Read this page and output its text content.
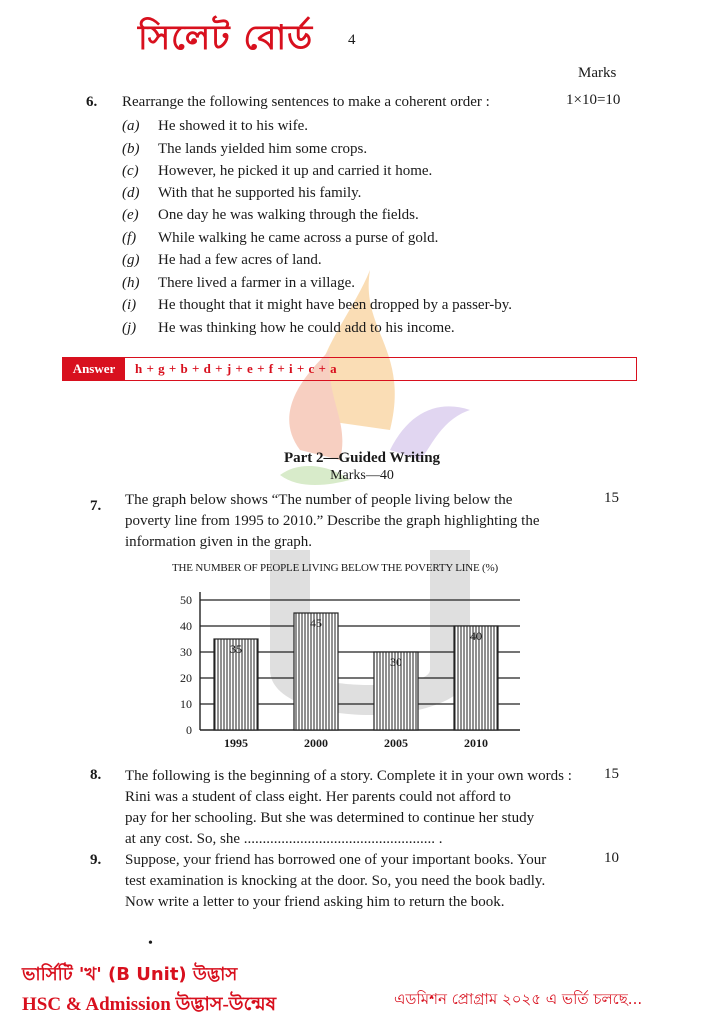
সিলেট বোর্ড 4
Marks
6. Rearrange the following sentences to make a coherent order :	1×10=10
(a) He showed it to his wife.
(b) The lands yielded him some crops.
(c) However, he picked it up and carried it home.
(d) With that he supported his family.
(e) One day he was walking through the fields.
(f) While walking he came across a purse of gold.
(g) He had a few acres of land.
(h) There lived a farmer in a village.
(i) He thought that it might have been dropped by a passer-by.
(j) He was thinking how he could add to his income.
Answer	h + g + b + d + j + e + f + i + c + a
Part 2—Guided Writing
Marks—40
7. The graph below shows “The number of people living below the
poverty line from 1995 to 2010.” Describe the graph highlighting the
information given in the graph.
15
THE NUMBER OF PEOPLE LIVING BELOW THE POVERTY LINE (%)
0
10
20
30
40
50
35
1995
45
2000
30
2005
40
2010
8. The following is the beginning of a story. Complete it in your own words :
Rini was a student of class eight. Her parents could not afford to
pay for her schooling. But she was determined to continue her study
at any cost. So, she ................................................... .
15
9. Suppose, your friend has borrowed one of your important books. Your
test examination is knocking at the door. So, you need the book badly.
Now write a letter to your friend asking him to return the book.
10
•
ভার্সিটি 'খ' (B Unit) উদ্ভাস
HSC & Admission উদ্ভাস-উন্মেষ	এডমিশন প্রোগ্রাম ২০২৫ এ ভর্তি চলছে...
